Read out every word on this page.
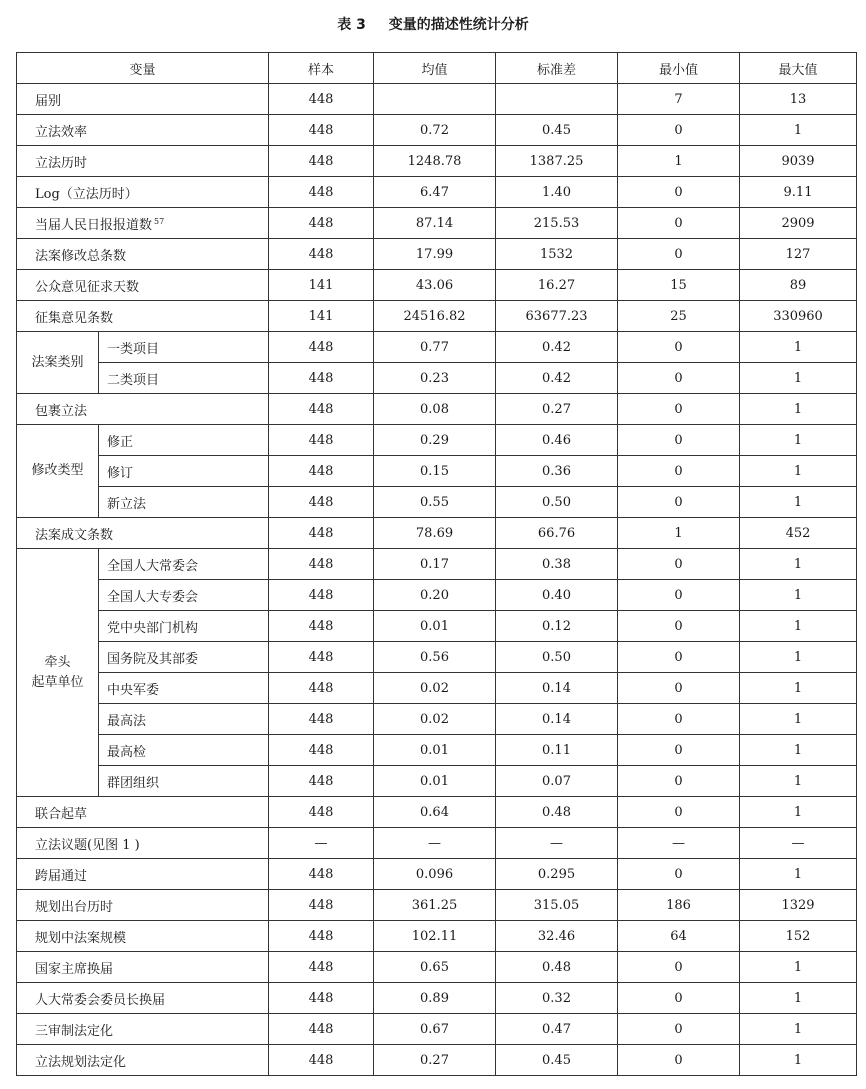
表 3 变量的描述性统计分析
变量		样本	均值	标准差	最小值	最大值
届别		448			7	13
立法效率		448	0.72	0.45	0	1
立法历时		448	1248.78	1387.25	1	9039
Log（立法历时）		448	6.47	1.40	0	9.11
当届人民日报报道数 $^{57}$		448	87.14	215.53	0	2909
法案修改总条数		448	17.99	1532	0	127
公众意见征求天数		141	43.06	16.27	15	89
征集意见条数		141	24516.82	63677.23	25	330960
法案类别	一类项目	448	0.77	0.42	0	1
	二类项目	448	0.23	0.42	0	1
包裹立法		448	0.08	0.27	0	1
修改类型	修正	448	0.29	0.46	0	1
	修订	448	0.15	0.36	0	1
	新立法	448	0.55	0.50	0	1
法案成文条数		448	78.69	66.76	1	452
牵头
起草单位	全国人大常委会	448	0.17	0.38	0	1
	全国人大专委会	448	0.20	0.40	0	1
	党中央部门机构	448	0.01	0.12	0	1
	国务院及其部委	448	0.56	0.50	0	1
	中央军委	448	0.02	0.14	0	1
	最高法	448	0.02	0.14	0	1
	最高检	448	0.01	0.11	0	1
	群团组织	448	0.01	0.07	0	1
联合起草		448	0.64	0.48	0	1
立法议题(见图 1 )		—	—	—	—	—
跨届通过		448	0.096	0.295	0	1
规划出台历时		448	361.25	315.05	186	1329
规划中法案规模		448	102.11	32.46	64	152
国家主席换届		448	0.65	0.48	0	1
人大常委会委员长换届		448	0.89	0.32	0	1
三审制法定化		448	0.67	0.47	0	1
立法规划法定化		448	0.27	0.45	0	1
